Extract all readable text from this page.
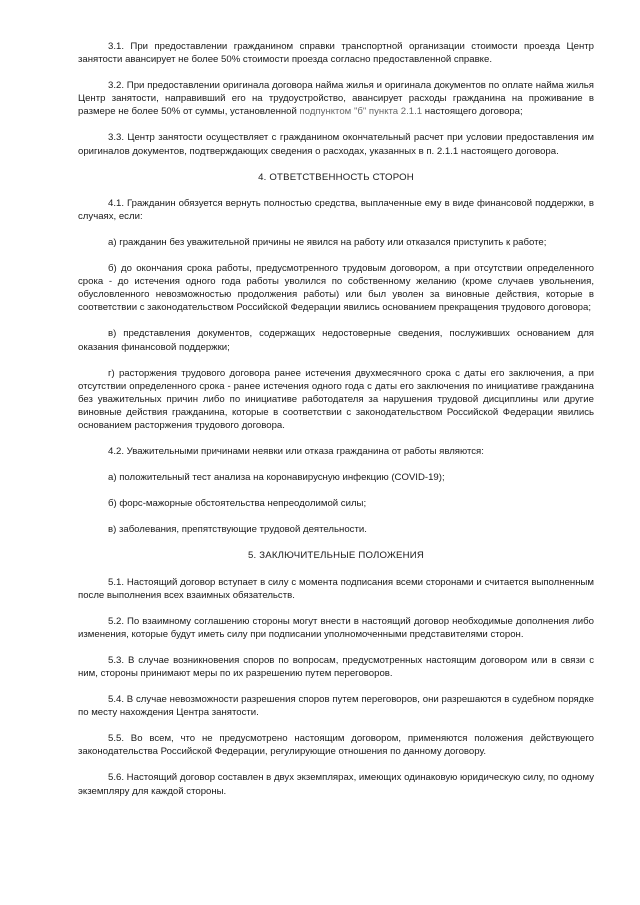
3.1. При предоставлении гражданином справки транспортной организации стоимости проезда Центр занятости авансирует не более 50% стоимости проезда согласно предоставленной справке.

3.2. При предоставлении оригинала договора найма жилья и оригинала документов по оплате найма жилья Центр занятости, направивший его на трудоустройство, авансирует расходы гражданина на проживание в размере не более 50% от суммы, установленной подпунктом "б" пункта 2.1.1 настоящего договора;

3.3. Центр занятости осуществляет с гражданином окончательный расчет при условии предоставления им оригиналов документов, подтверждающих сведения о расходах, указанных в п. 2.1.1 настоящего договора.

4. ОТВЕТСТВЕННОСТЬ СТОРОН

4.1. Гражданин обязуется вернуть полностью средства, выплаченные ему в виде финансовой поддержки, в случаях, если:

а) гражданин без уважительной причины не явился на работу или отказался приступить к работе;

б) до окончания срока работы, предусмотренного трудовым договором, а при отсутствии определенного срока - до истечения одного года работы уволился по собственному желанию (кроме случаев увольнения, обусловленного невозможностью продолжения работы) или был уволен за виновные действия, которые в соответствии с законодательством Российской Федерации явились основанием прекращения трудового договора;

в) представления документов, содержащих недостоверные сведения, послуживших основанием для оказания финансовой поддержки;

г) расторжения трудового договора ранее истечения двухмесячного срока с даты его заключения, а при отсутствии определенного срока - ранее истечения одного года с даты его заключения по инициативе гражданина без уважительных причин либо по инициативе работодателя за нарушения трудовой дисциплины или другие виновные действия гражданина, которые в соответствии с законодательством Российской Федерации явились основанием расторжения трудового договора.

4.2. Уважительными причинами неявки или отказа гражданина от работы являются:

а) положительный тест анализа на коронавирусную инфекцию (COVID-19);

б) форс-мажорные обстоятельства непреодолимой силы;

в) заболевания, препятствующие трудовой деятельности.

5. ЗАКЛЮЧИТЕЛЬНЫЕ ПОЛОЖЕНИЯ

5.1. Настоящий договор вступает в силу с момента подписания всеми сторонами и считается выполненным после выполнения всех взаимных обязательств.

5.2. По взаимному соглашению стороны могут внести в настоящий договор необходимые дополнения либо изменения, которые будут иметь силу при подписании уполномоченными представителями сторон.

5.3. В случае возникновения споров по вопросам, предусмотренных настоящим договором или в связи с ним, стороны принимают меры по их разрешению путем переговоров.

5.4. В случае невозможности разрешения споров путем переговоров, они разрешаются в судебном порядке по месту нахождения Центра занятости.

5.5. Во всем, что не предусмотрено настоящим договором, применяются положения действующего законодательства Российской Федерации, регулирующие отношения по данному договору.

5.6. Настоящий договор составлен в двух экземплярах, имеющих одинаковую юридическую силу, по одному экземпляру для каждой стороны.
